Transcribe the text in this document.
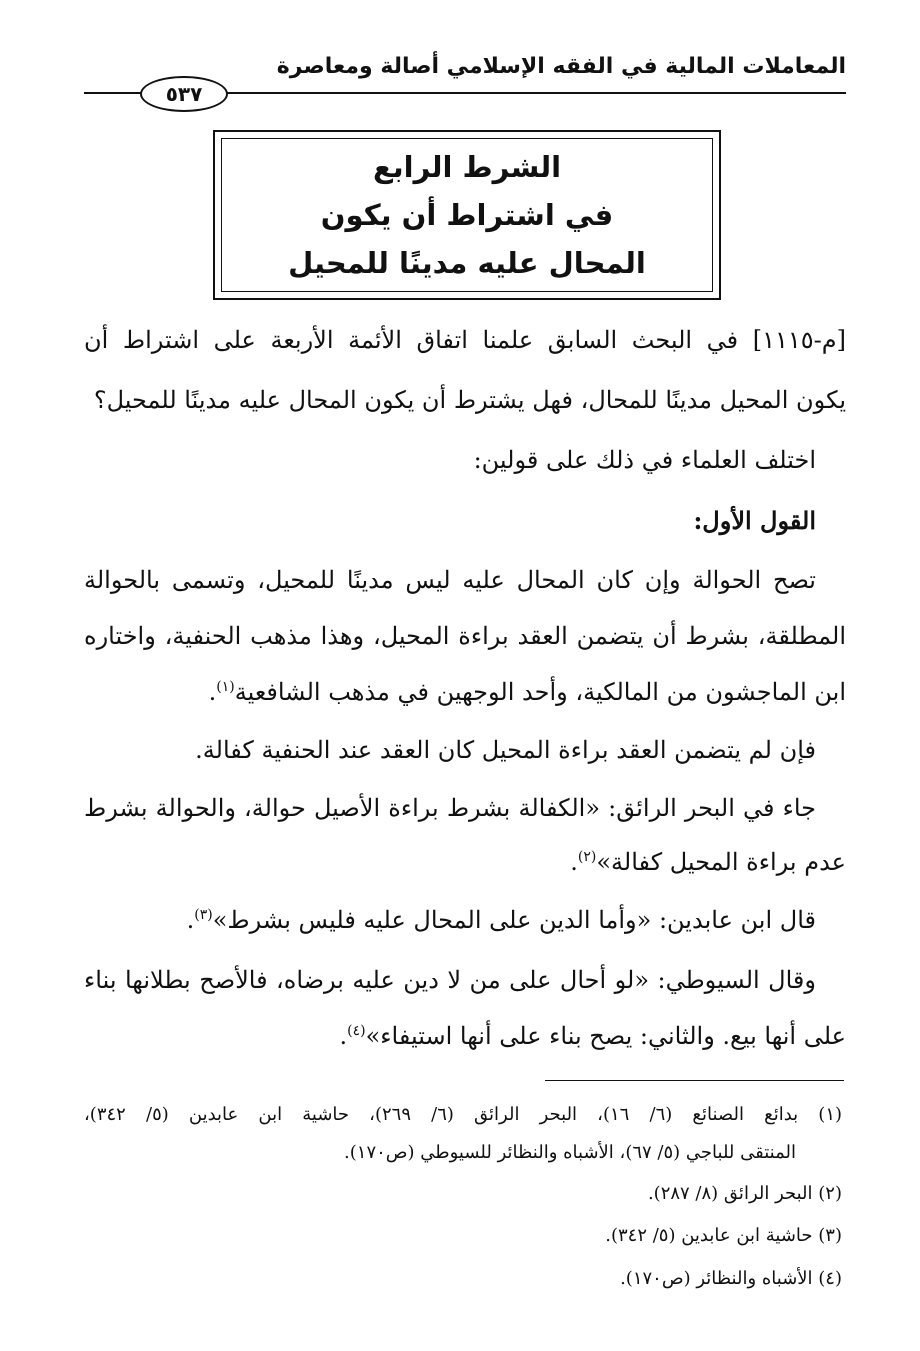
المعاملات المالية في الفقه الإسلامي أصالة ومعاصرة
٥٣٧
الشرط الرابع
في اشتراط أن يكون
المحال عليه مدينًا للمحيل
[م-١١١٥] في البحث السابق علمنا اتفاق الأئمة الأربعة على اشتراط أن
يكون المحيل مدينًا للمحال، فهل يشترط أن يكون المحال عليه مدينًا للمحيل؟
اختلف العلماء في ذلك على قولين:
القول الأول:
تصح الحوالة وإن كان المحال عليه ليس مدينًا للمحيل، وتسمى بالحوالة
المطلقة، بشرط أن يتضمن العقد براءة المحيل، وهذا مذهب الحنفية، واختاره
ابن الماجشون من المالكية، وأحد الوجهين في مذهب الشافعية$^{(١)}$.
فإن لم يتضمن العقد براءة المحيل كان العقد عند الحنفية كفالة.
جاء في البحر الرائق: «الكفالة بشرط براءة الأصيل حوالة، والحوالة بشرط
عدم براءة المحيل كفالة»$^{(٢)}$.
قال ابن عابدين: «وأما الدين على المحال عليه فليس بشرط»$^{(٣)}$.
وقال السيوطي: «لو أحال على من لا دين عليه برضاه، فالأصح بطلانها بناء
على أنها بيع. والثاني: يصح بناء على أنها استيفاء»$^{(٤)}$.
(١) بدائع الصنائع (٦/ ١٦)، البحر الرائق (٦/ ٢٦٩)، حاشية ابن عابدين (٥/ ٣٤٢)،
المنتقى للباجي (٥/ ٦٧)، الأشباه والنظائر للسيوطي (ص١٧٠).
(٢) البحر الرائق (٨/ ٢٨٧).
(٣) حاشية ابن عابدين (٥/ ٣٤٢).
(٤) الأشباه والنظائر (ص١٧٠).
